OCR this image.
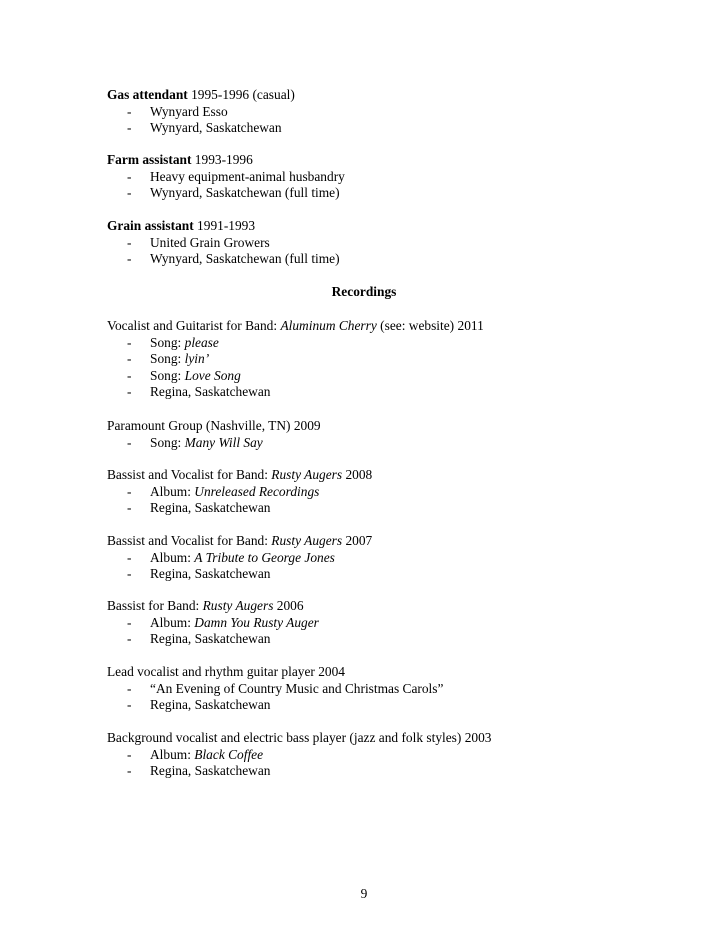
Gas attendant 1995-1996 (casual)
- Wynyard Esso
- Wynyard, Saskatchewan
Farm assistant 1993-1996
- Heavy equipment-animal husbandry
- Wynyard, Saskatchewan (full time)
Grain assistant 1991-1993
- United Grain Growers
- Wynyard, Saskatchewan (full time)
Recordings
Vocalist and Guitarist for Band: Aluminum Cherry (see: website) 2011
- Song: please
- Song: lyin’
- Song: Love Song
- Regina, Saskatchewan
Paramount Group (Nashville, TN) 2009
- Song: Many Will Say
Bassist and Vocalist for Band: Rusty Augers 2008
- Album: Unreleased Recordings
- Regina, Saskatchewan
Bassist and Vocalist for Band: Rusty Augers 2007
- Album: A Tribute to George Jones
- Regina, Saskatchewan
Bassist for Band: Rusty Augers 2006
- Album: Damn You Rusty Auger
- Regina, Saskatchewan
Lead vocalist and rhythm guitar player 2004
- “An Evening of Country Music and Christmas Carols”
- Regina, Saskatchewan
Background vocalist and electric bass player (jazz and folk styles) 2003
- Album: Black Coffee
- Regina, Saskatchewan
9
